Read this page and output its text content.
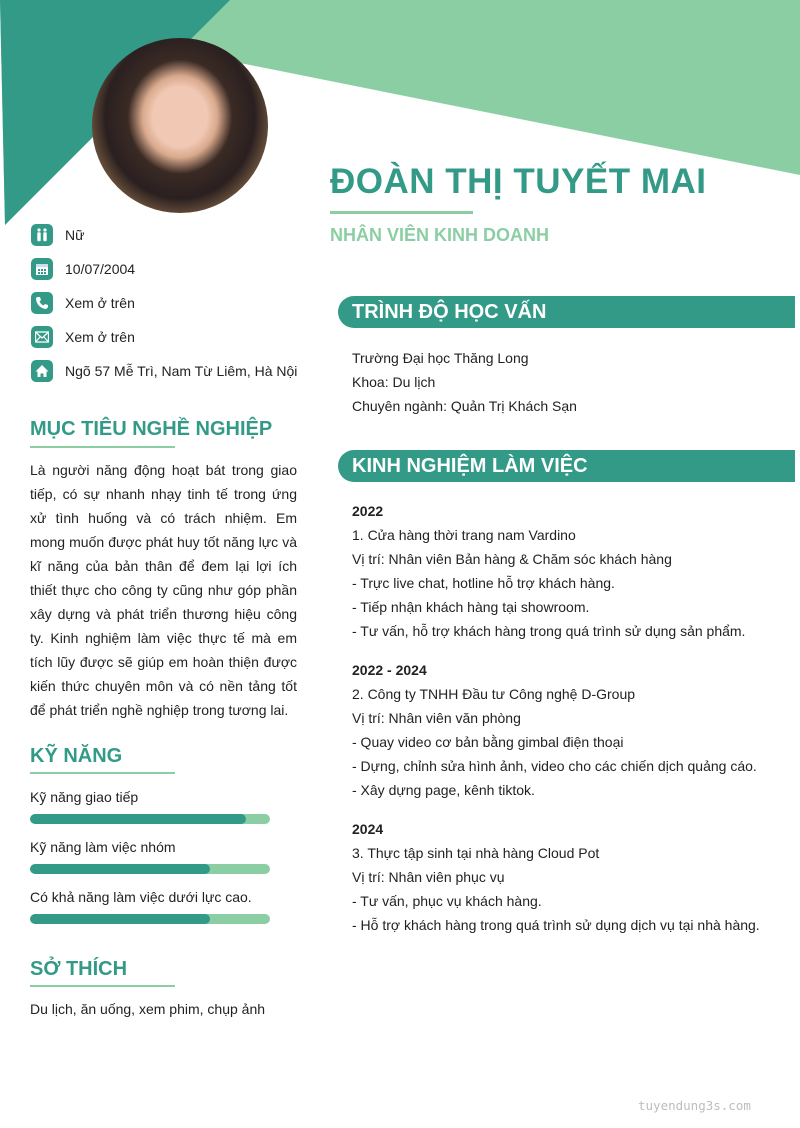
ĐOÀN THỊ TUYẾT MAI
NHÂN VIÊN KINH DOANH
Nữ
10/07/2004
Xem ở trên
Xem ở trên
Ngõ 57 Mễ Trì, Nam Từ Liêm, Hà Nội
MỤC TIÊU NGHỀ NGHIỆP
Là người năng động hoạt bát trong giao tiếp, có sự nhanh nhạy tinh tế trong ứng xử tình huống và có trách nhiệm. Em mong muốn được phát huy tốt năng lực và kĩ năng của bản thân để đem lại lợi ích thiết thực cho công ty cũng như góp phần xây dựng và phát triển thương hiệu công ty. Kinh nghiệm làm việc thực tế mà em tích lũy được sẽ giúp em hoàn thiện được kiến thức chuyên môn và có nền tảng tốt để phát triển nghề nghiệp trong tương lai.
KỸ NĂNG
Kỹ năng giao tiếp
Kỹ năng làm việc nhóm
Có khả năng làm việc dưới lực cao.
SỞ THÍCH
Du lịch, ăn uống, xem phim, chụp ảnh
TRÌNH ĐỘ HỌC VẤN
Trường Đại học Thăng Long
Khoa: Du lịch
Chuyên ngành: Quản Trị Khách Sạn
KINH NGHIỆM LÀM VIỆC
2022
1. Cửa hàng thời trang nam Vardino
Vị trí: Nhân viên Bản hàng & Chăm sóc khách hàng
- Trực live chat, hotline hỗ trợ khách hàng.
- Tiếp nhận khách hàng tại showroom.
- Tư vấn, hỗ trợ khách hàng trong quá trình sử dụng sản phẩm.
2022 - 2024
2. Công ty TNHH Đầu tư Công nghệ D-Group
Vị trí: Nhân viên văn phòng
- Quay video cơ bản bằng gimbal điện thoại
- Dựng, chỉnh sửa hình ảnh, video cho các chiến dịch quảng cáo.
- Xây dựng page, kênh tiktok.
2024
3. Thực tập sinh tại nhà hàng Cloud Pot
Vị trí: Nhân viên phục vụ
- Tư vấn, phục vụ khách hàng.
- Hỗ trợ khách hàng trong quá trình sử dụng dịch vụ tại nhà hàng.
tuyendung3s.com
